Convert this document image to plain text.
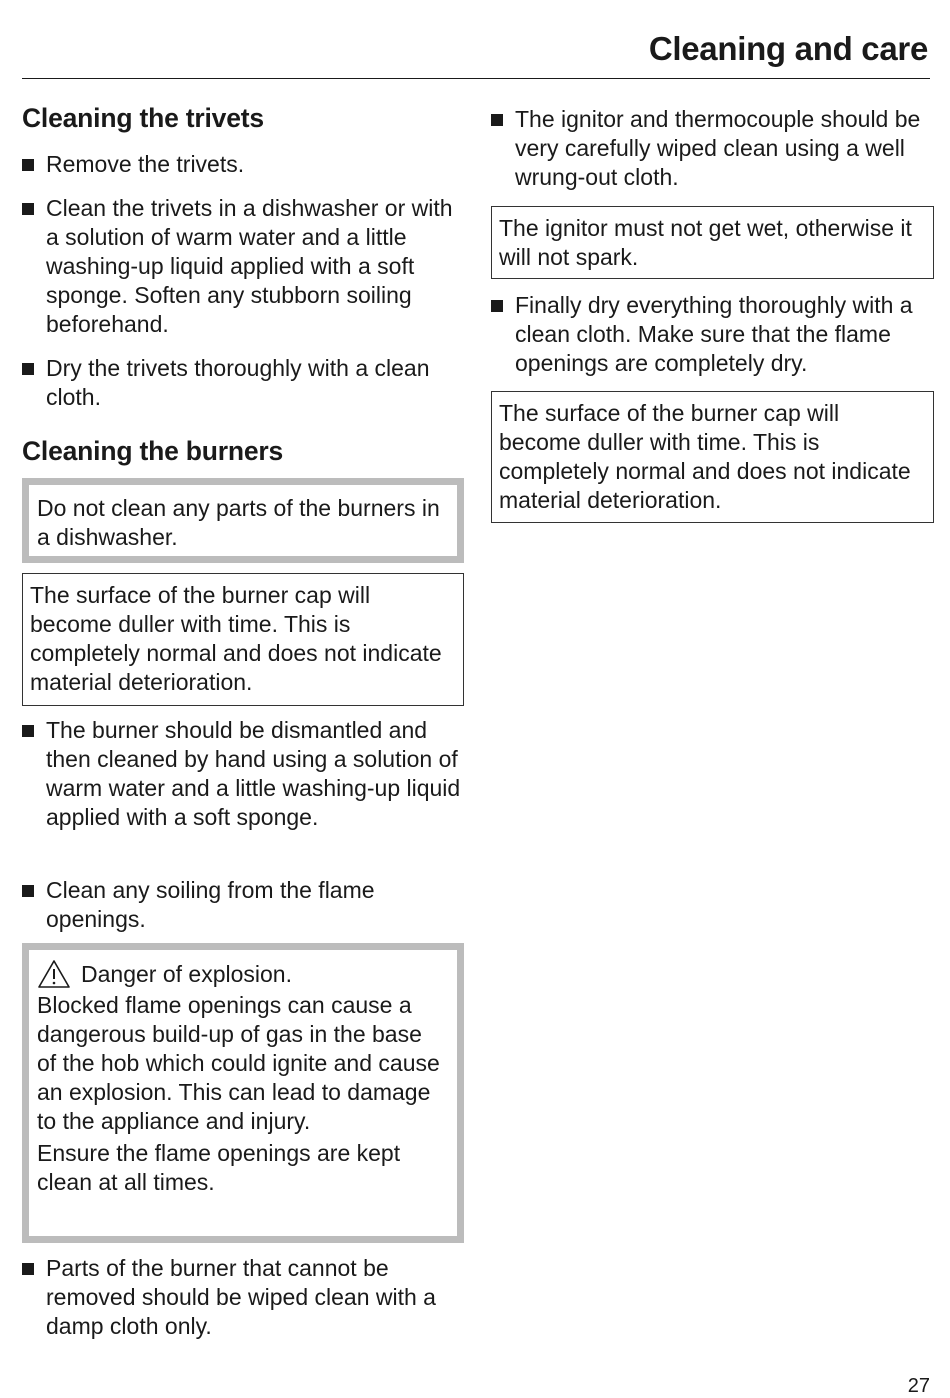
Cleaning and care
Cleaning the trivets
Remove the trivets.
Clean the trivets in a dishwasher or with a solution of warm water and a little washing-up liquid applied with a soft sponge. Soften any stubborn soiling beforehand.
Dry the trivets thoroughly with a clean cloth.
Cleaning the burners
Do not clean any parts of the burners in a dishwasher.
The surface of the burner cap will become duller with time. This is completely normal and does not indicate material deterioration.
The burner should be dismantled and then cleaned by hand using a solution of warm water and a little washing-up liquid applied with a soft sponge.
Clean any soiling from the flame openings.
Danger of explosion.
Blocked flame openings can cause a dangerous build-up of gas in the base of the hob which could ignite and cause an explosion. This can lead to damage to the appliance and injury.
Ensure the flame openings are kept clean at all times.
Parts of the burner that cannot be removed should be wiped clean with a damp cloth only.
The ignitor and thermocouple should be very carefully wiped clean using a well wrung-out cloth.
The ignitor must not get wet, otherwise it will not spark.
Finally dry everything thoroughly with a clean cloth. Make sure that the flame openings are completely dry.
The surface of the burner cap will become duller with time. This is completely normal and does not indicate material deterioration.
27
